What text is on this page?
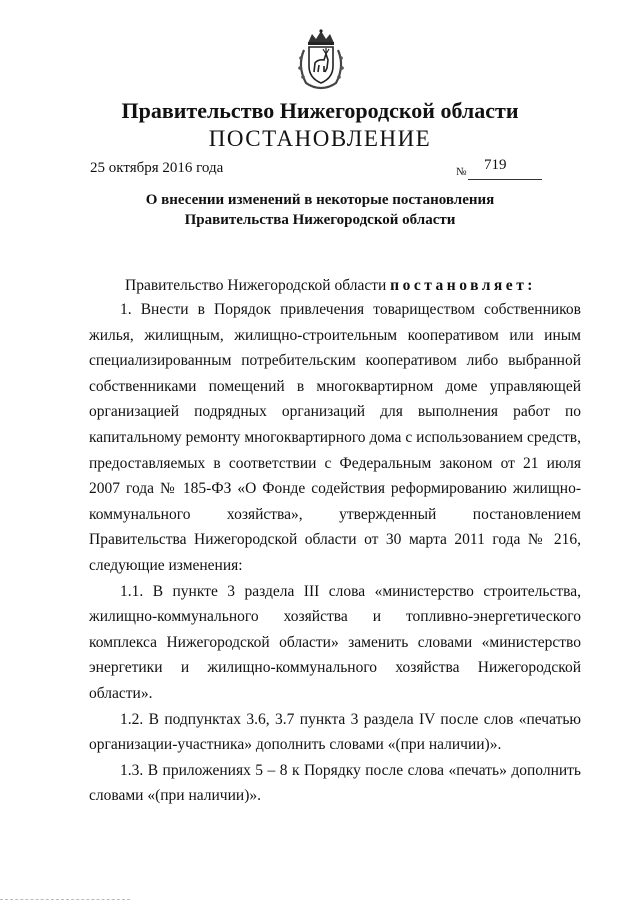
Правительство Нижегородской области
ПОСТАНОВЛЕНИЕ
25 октября 2016 года	№ 719
О внесении изменений в некоторые постановления
Правительства Нижегородской области
Правительство Нижегородской области постановляет:

1. Внести в Порядок привлечения товариществом собственников жилья, жилищным, жилищно-строительным кооперативом или иным специализированным потребительским кооперативом либо выбранной собственниками помещений в многоквартирном доме управляющей организацией подрядных организаций для выполнения работ по капитальному ремонту многоквартирного дома с использованием средств, предоставляемых в соответствии с Федеральным законом от 21 июля 2007 года № 185-ФЗ «О Фонде содействия реформированию жилищно-коммунального хозяйства», утвержденный постановлением Правительства Нижегородской области от 30 марта 2011 года № 216, следующие изменения:

1.1. В пункте 3 раздела III слова «министерство строительства, жилищно-коммунального хозяйства и топливно-энергетического комплекса Нижегородской области» заменить словами «министерство энергетики и жилищно-коммунального хозяйства Нижегородской области».

1.2. В подпунктах 3.6, 3.7 пункта 3 раздела IV после слов «печатью организации-участника» дополнить словами «(при наличии)».

1.3. В приложениях 5 – 8 к Порядку после слова «печать» дополнить словами «(при наличии)».
